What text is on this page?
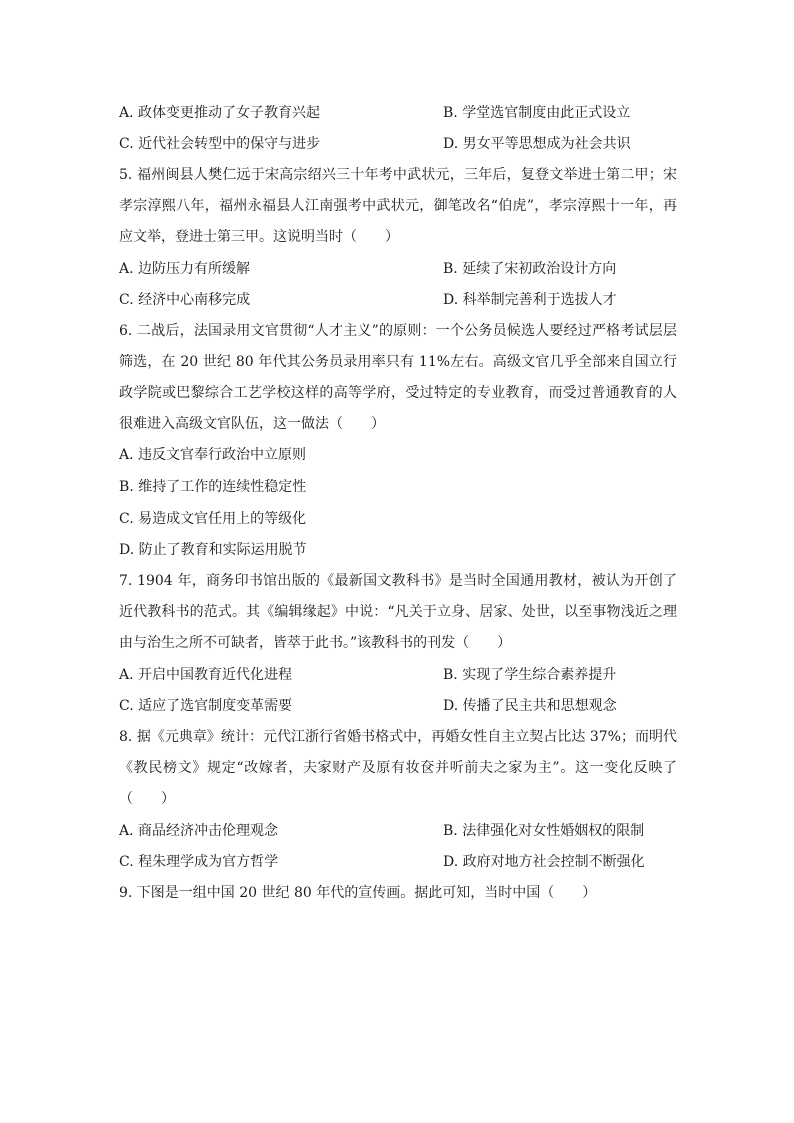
A. 政体变更推动了女子教育兴起	B. 学堂选官制度由此正式设立
C. 近代社会转型中的保守与进步	D. 男女平等思想成为社会共识
5. 福州闽县人樊仁远于宋高宗绍兴三十年考中武状元，三年后，复登文举进士第二甲；宋孝宗淳熙八年，福州永福县人江南强考中武状元，御笔改名“伯虎”，孝宗淳熙十一年，再应文举，登进士第三甲。这说明当时（　　）
A. 边防压力有所缓解	B. 延续了宋初政治设计方向
C. 经济中心南移完成	D. 科举制完善利于选拔人才
6. 二战后，法国录用文官贯彻“人才主义”的原则：一个公务员候选人要经过严格考试层层筛选，在 20 世纪 80 年代其公务员录用率只有 11%左右。高级文官几乎全部来自国立行政学院或巴黎综合工艺学校这样的高等学府，受过特定的专业教育，而受过普通教育的人很难进入高级文官队伍，这一做法（　　）
A. 违反文官奉行政治中立原则
B. 维持了工作的连续性稳定性
C. 易造成文官任用上的等级化
D. 防止了教育和实际运用脱节
7. 1904 年，商务印书馆出版的《最新国文教科书》是当时全国通用教材，被认为开创了近代教科书的范式。其《编辑缘起》中说：“凡关于立身、居家、处世，以至事物浅近之理由与治生之所不可缺者，皆萃于此书。”该教科书的刊发（　　）
A. 开启中国教育近代化进程	B. 实现了学生综合素养提升
C. 适应了选官制度变革需要	D. 传播了民主共和思想观念
8. 据《元典章》统计：元代江浙行省婚书格式中，再婚女性自主立契占比达 37%；而明代《教民榜文》规定“改嫁者，夫家财产及原有妆奁并听前夫之家为主”。这一变化反映了（　　）
A. 商品经济冲击伦理观念	B. 法律强化对女性婚姻权的限制
C. 程朱理学成为官方哲学	D. 政府对地方社会控制不断强化
9. 下图是一组中国 20 世纪 80 年代的宣传画。据此可知，当时中国（　　）
